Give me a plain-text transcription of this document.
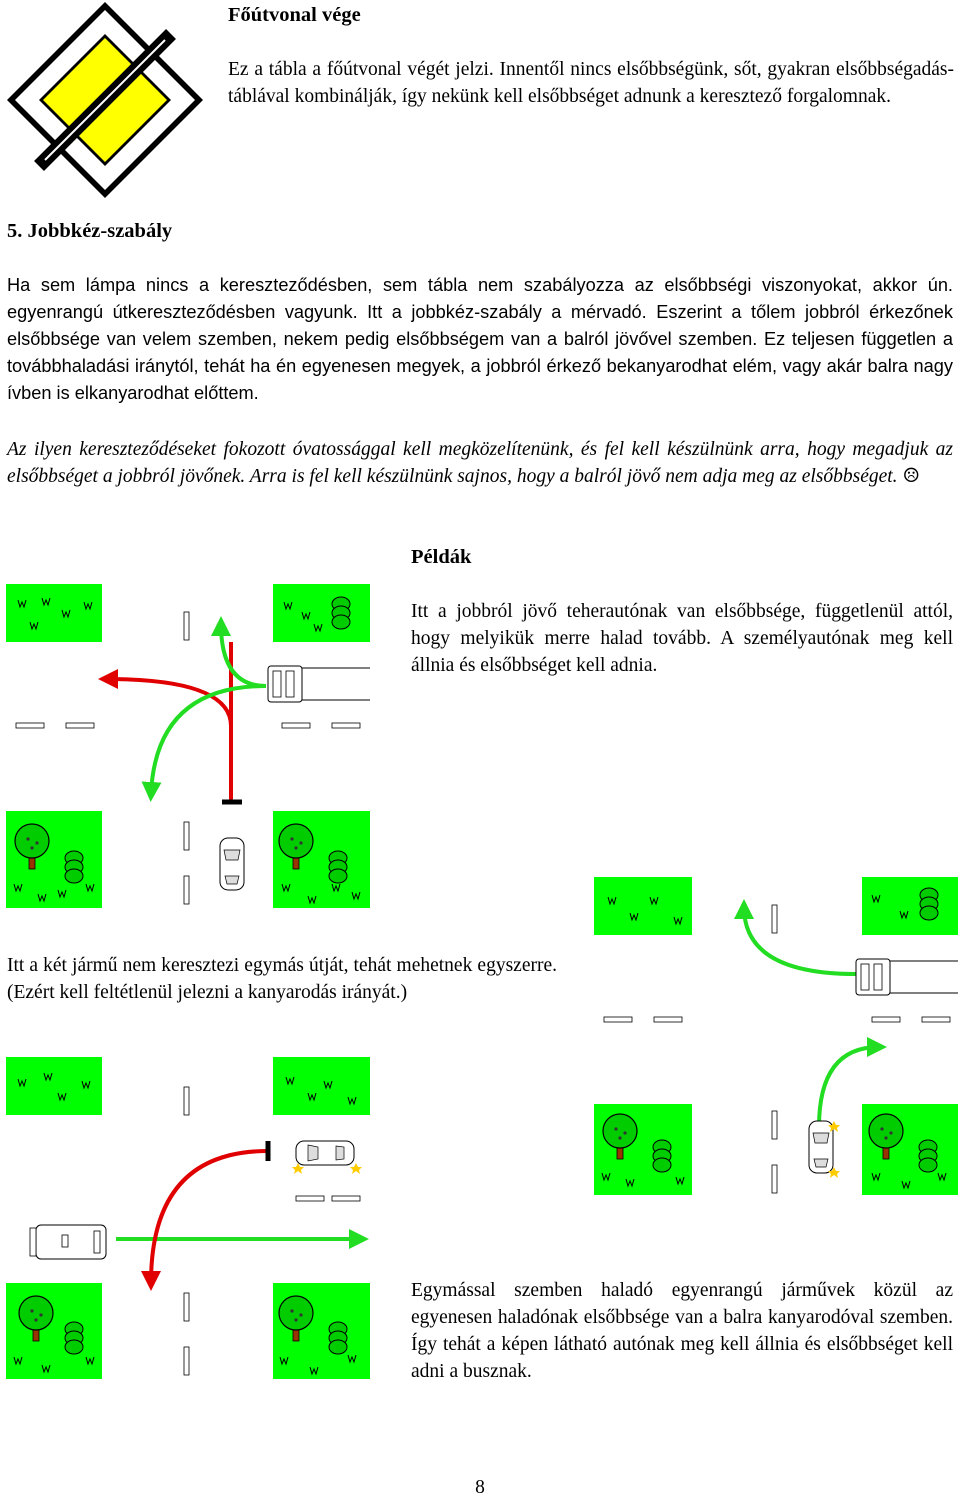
Főútvonal vége

Ez a tábla a főútvonal végét jelzi. Innentől nincs elsőbbségünk, sőt, gyakran elsőbbségadás-táblával kombinálják, így nekünk kell elsőbbséget adnunk a keresztező forgalomnak.

5. Jobbkéz-szabály

Ha sem lámpa nincs a kereszteződésben, sem tábla nem szabályozza az elsőbbségi viszonyokat, akkor ún. egyenrangú útkereszteződésben vagyunk. Itt a jobbkéz-szabály a mérvadó. Eszerint a tőlem jobbról érkezőnek elsőbbsége van velem szemben, nekem pedig elsőbbségem van a balról jövővel szemben. Ez teljesen független a továbbhaladási iránytól, tehát ha én egyenesen megyek, a jobbról érkező bekanyarodhat elém, vagy akár balra nagy ívben is elkanyarodhat előttem.

Az ilyen kereszteződéseket fokozott óvatossággal kell megközelítenünk, és fel kell készülnünk arra, hogy megadjuk az elsőbbséget a jobbról jövőnek. Arra is fel kell készülnünk sajnos, hogy a balról jövő nem adja meg az elsőbbséget. ☹

Példák

Itt a jobbról jövő teherautónak van elsőbbsége, függetlenül attól, hogy melyikük merre halad tovább. A személyautónak meg kell állnia és elsőbbséget kell adnia.

Itt a két jármű nem keresztezi egymás útját, tehát mehetnek egyszerre. (Ezért kell feltétlenül jelezni a kanyarodás irányát.)

Egymással szemben haladó egyenrangú járművek közül az egyenesen haladónak elsőbbsége van a balra kanyarodóval szemben. Így tehát a képen látható autónak meg kell állnia és elsőbbséget kell adni a busznak.

8
